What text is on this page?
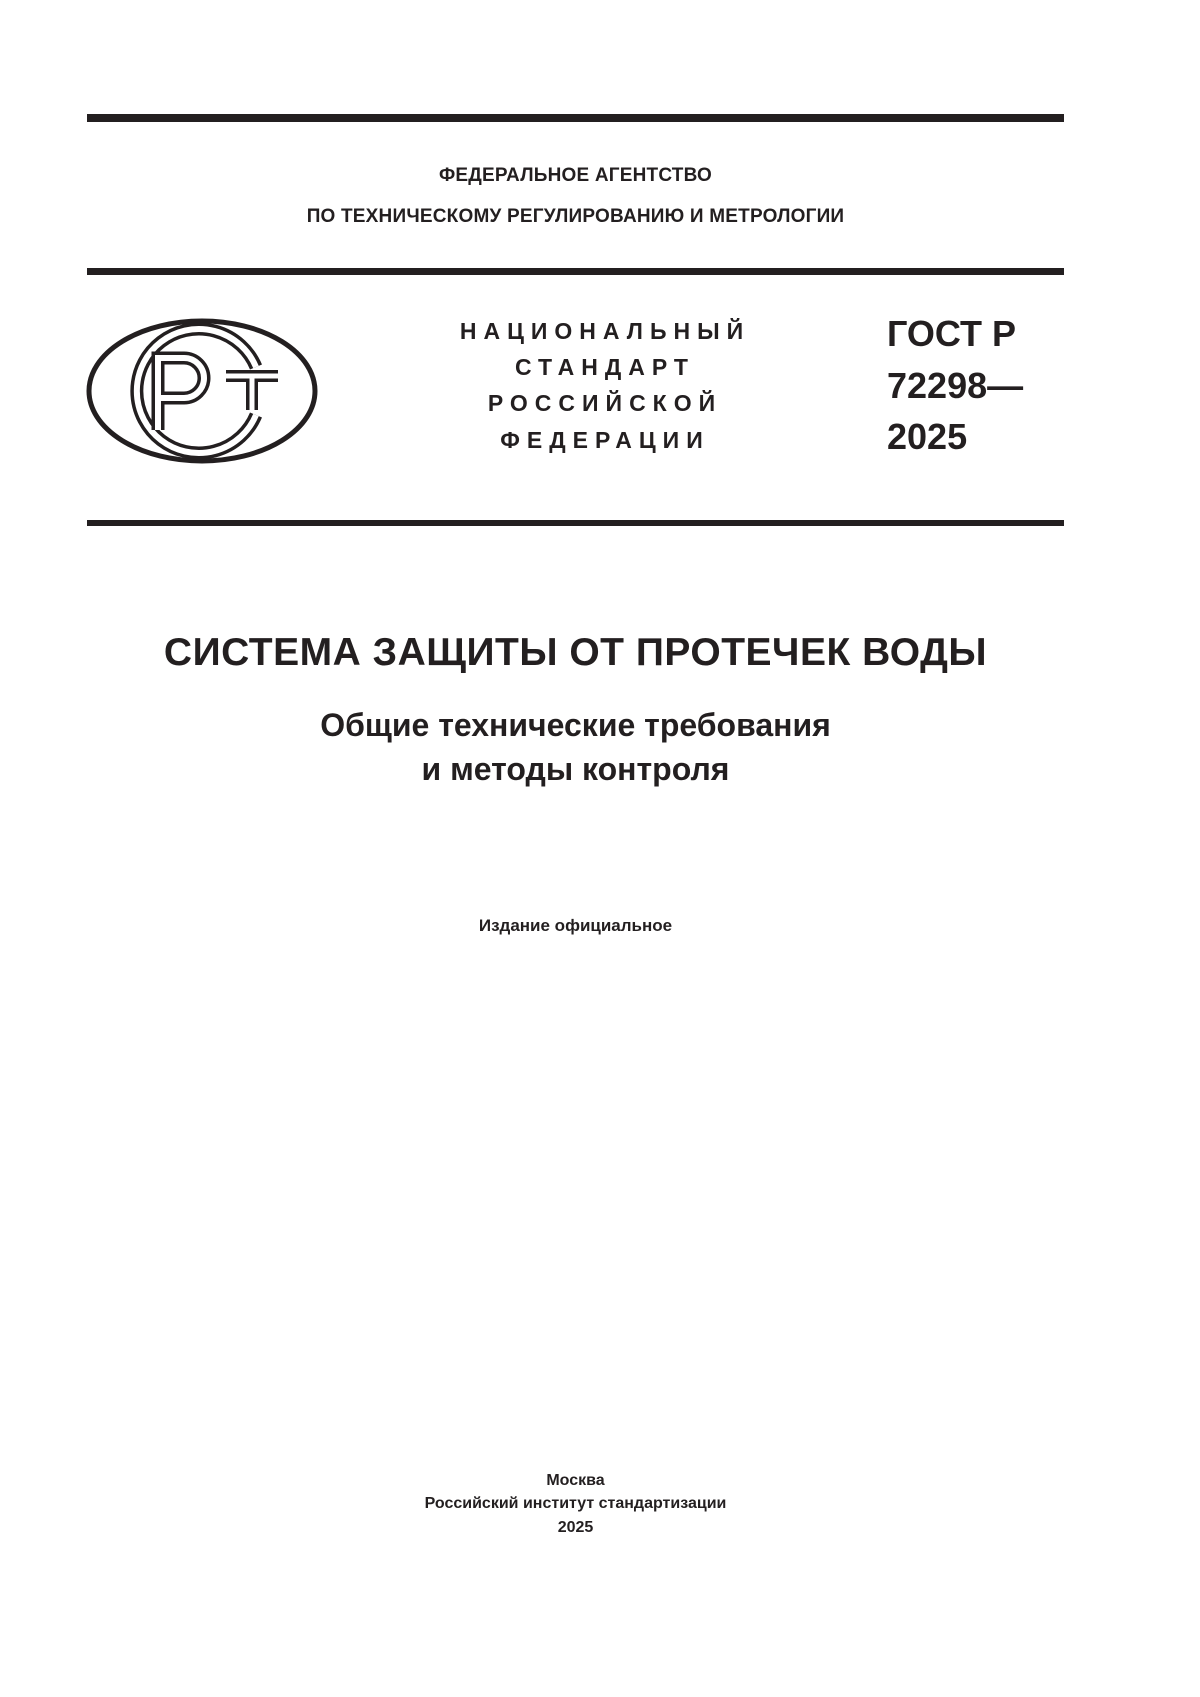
ФЕДЕРАЛЬНОЕ АГЕНТСТВО
ПО ТЕХНИЧЕСКОМУ РЕГУЛИРОВАНИЮ И МЕТРОЛОГИИ
НАЦИОНАЛЬНЫЙ
СТАНДАРТ
РОССИЙСКОЙ
ФЕДЕРАЦИИ
ГОСТ Р
72298—
2025
СИСТЕМА ЗАЩИТЫ ОТ ПРОТЕЧЕК ВОДЫ
Общие технические требования
и методы контроля
Издание официальное
Москва
Российский институт стандартизации
2025
